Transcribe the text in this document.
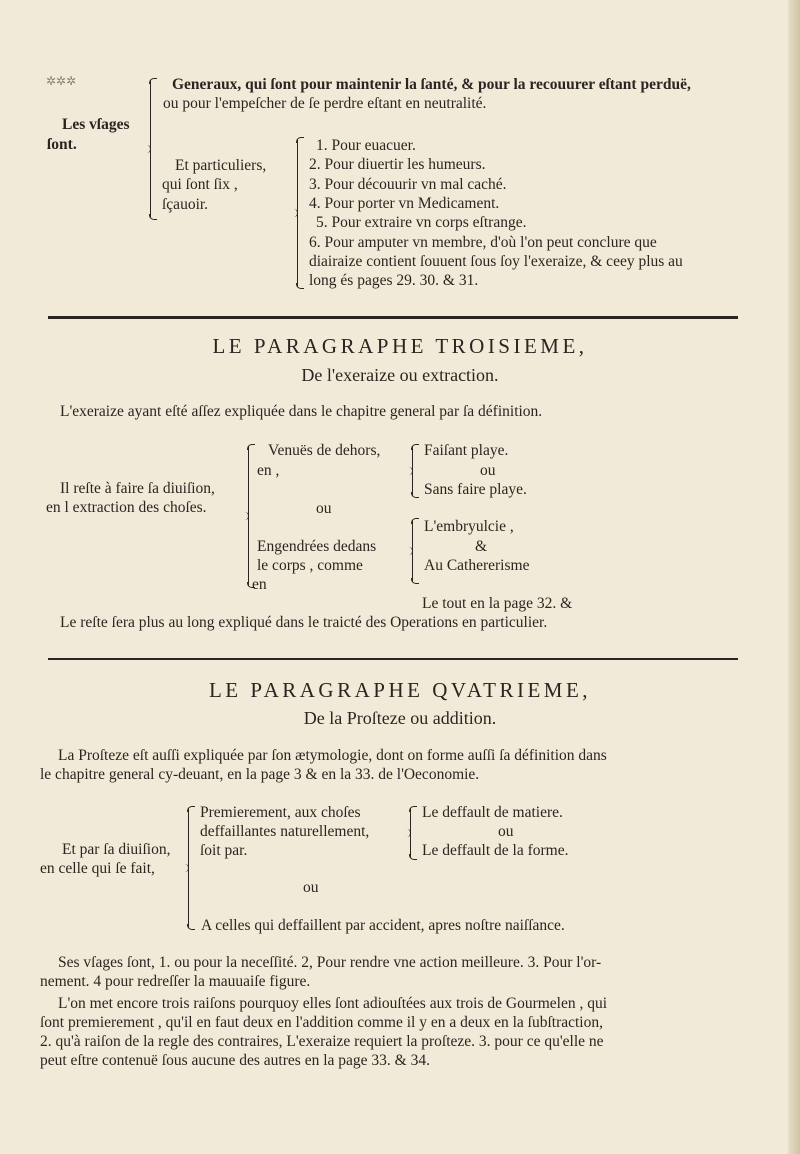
✲✲✲	Generaux, qui ſont pour maintenir la ſanté, & pour la recouurer eſtant perduë,
ou pour l'empeſcher de ſe perdre eſtant en neutralité.
Les vſages
ſont.
Et particuliers,
qui ſont ſix ,
ſçauoir.
1. Pour euacuer.
2. Pour diuertir les humeurs.
3. Pour découurir vn mal caché.
4. Pour porter vn Medicament.
5. Pour extraire vn corps eſtrange.
6. Pour amputer vn membre, d'où l'on peut conclure que
diairaize contient ſouuent ſous ſoy l'exeraize, & ceey plus au
long és pages 29. 30. & 31.
LE PARAGRAPHE TROISIEME,
De l'exeraize ou extraction.
L'exeraize ayant eſté aſſez expliquée dans le chapitre general par ſa définition.
Il reſte à faire ſa diuiſion,
en l extraction des choſes.
Venuës de dehors,
en ,
ou
Engendrées dedans
le corps , comme
en
Faiſant playe.
ou
Sans faire playe.
L'embryulcie ,
&
Au Cathererisme
Le tout en la page 32. &
Le reſte ſera plus au long expliqué dans le traicté des Operations en particulier.
LE PARAGRAPHE QVATRIEME,
De la Proſteze ou addition.
La Proſteze eſt auſſi expliquée par ſon ætymologie, dont on forme auſſi ſa définition dans
le chapitre general cy-deuant, en la page 3 & en la 33. de l'Oeconomie.
Et par ſa diuiſion,
en celle qui ſe fait,
Premierement, aux choſes
deffaillantes naturellement,
ſoit par.
ou
A celles qui deffaillent par accident, apres noſtre naiſſance.
Le deffault de matiere.
ou
Le deffault de la forme.
Ses vſages ſont, 1. ou pour la neceſſité. 2, Pour rendre vne action meilleure. 3. Pour l'or-
nement. 4 pour redreſſer la mauuaiſe figure.
L'on met encore trois raiſons pourquoy elles ſont adiouſtées aux trois de Gourmelen , qui
ſont premierement , qu'il en faut deux en l'addition comme il y en a deux en la ſubſtraction,
2. qu'à raiſon de la regle des contraires, L'exeraize requiert la proſteze. 3. pour ce qu'elle ne
peut eſtre contenuë ſous aucune des autres en la page 33. & 34.
